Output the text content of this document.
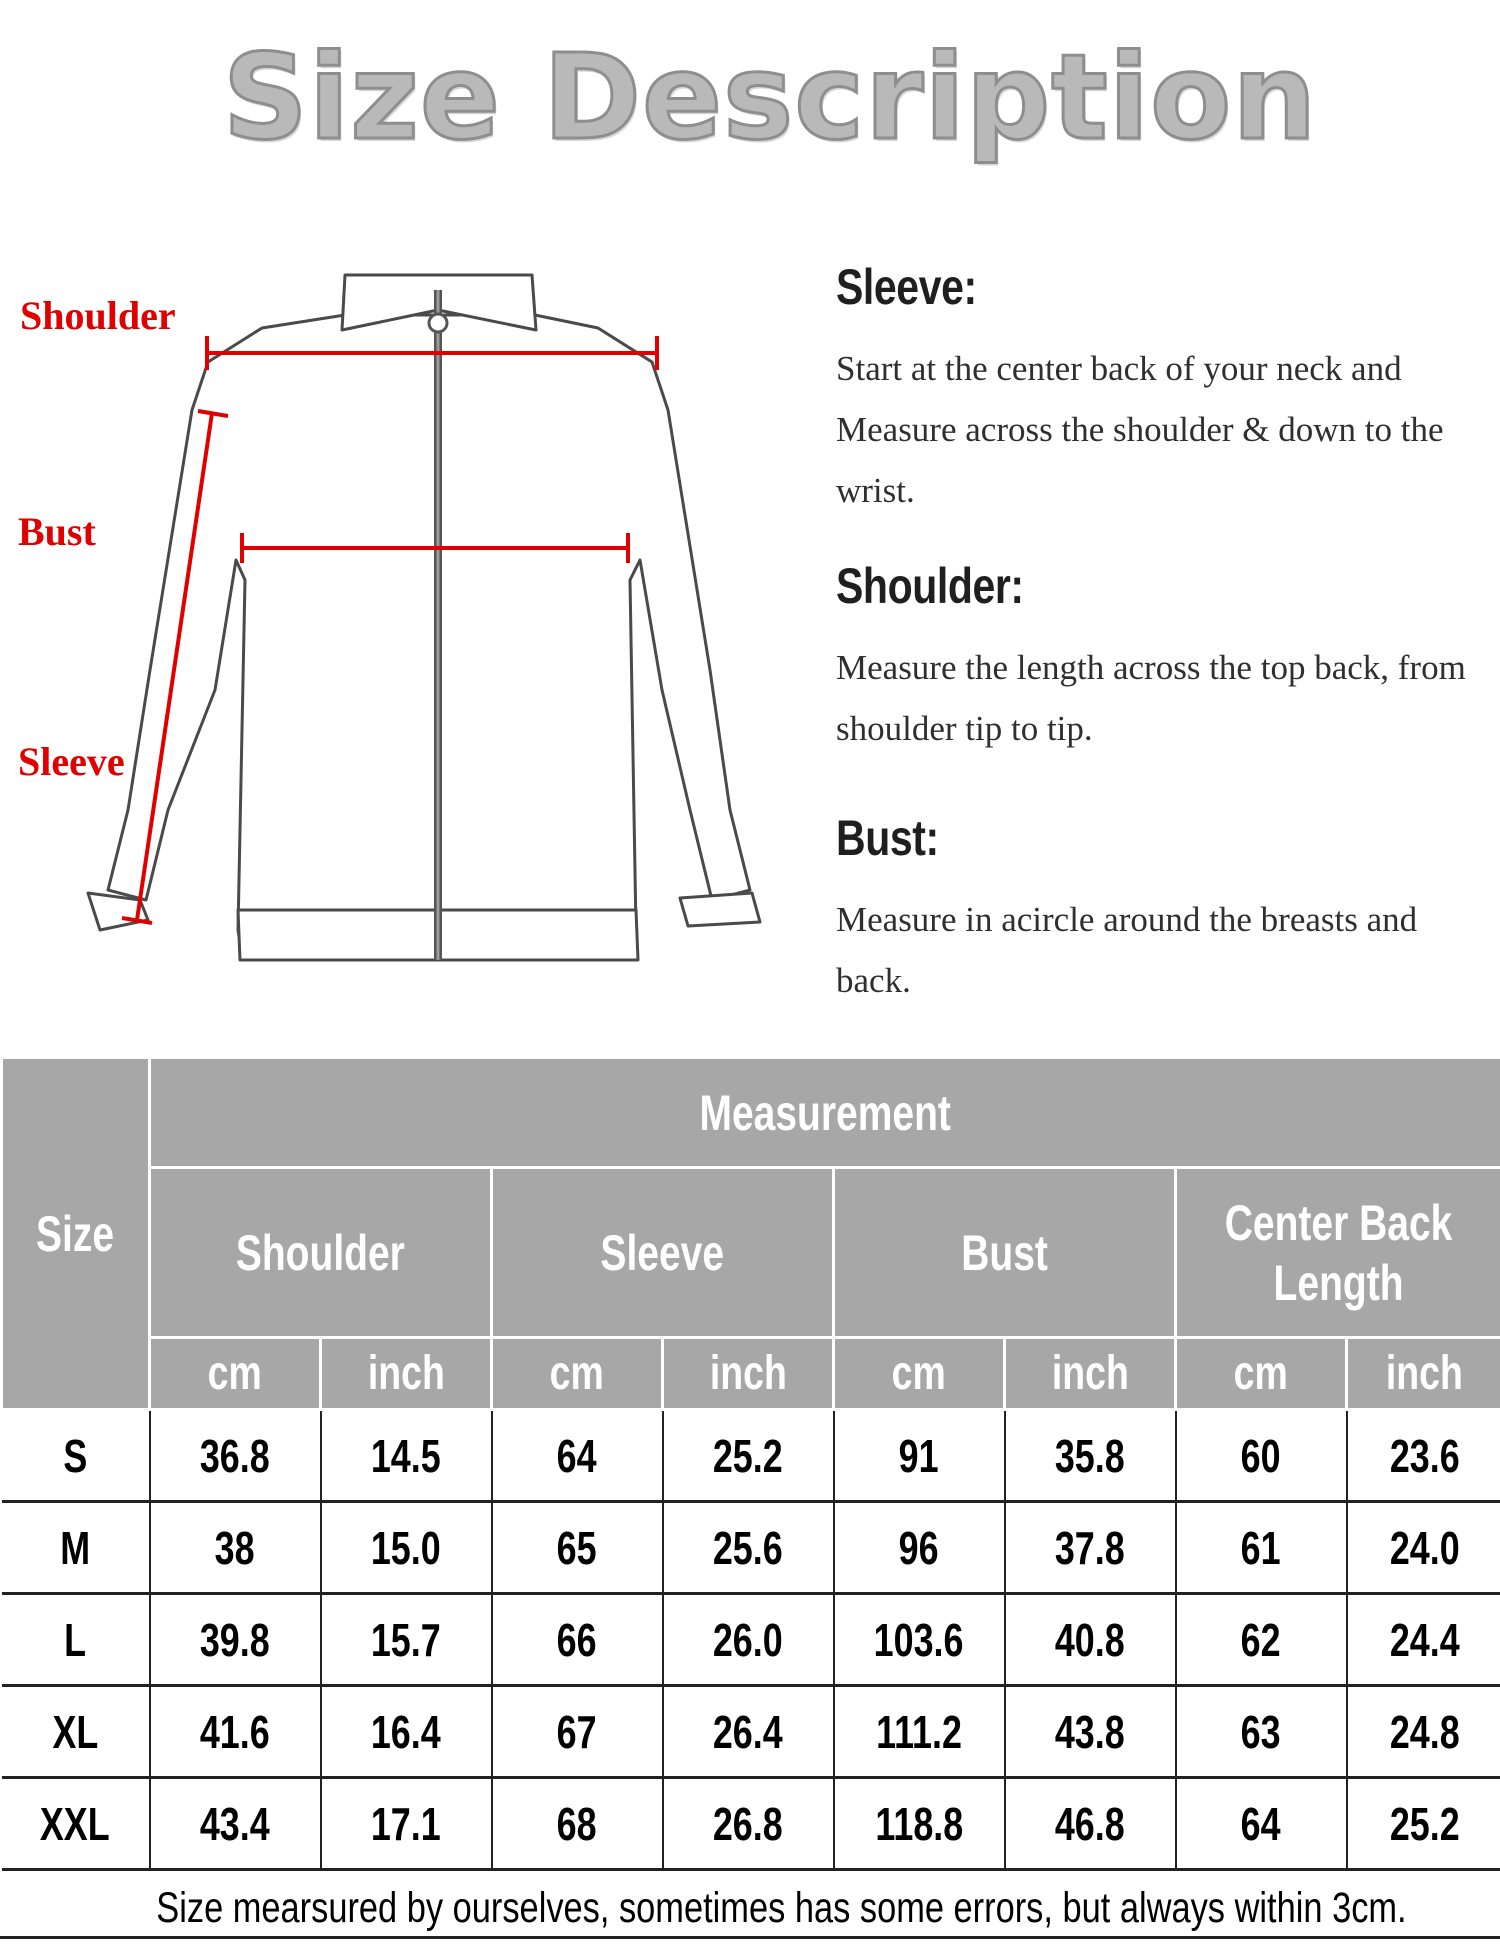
Size Description
Shoulder
Bust
Sleeve
Sleeve:

Start at the center back of your neck and Measure across the shoulder & down to the wrist.

Shoulder:

Measure the length across the top back, from shoulder tip to tip.

Bust:

Measure in acircle around the breasts and back.

Size	Measurement							
	Shoulder		Sleeve		Bust		Center Back Length	
	cm	inch	cm	inch	cm	inch	cm	inch
S	36.8	14.5	64	25.2	91	35.8	60	23.6
M	38	15.0	65	25.6	96	37.8	61	24.0
L	39.8	15.7	66	26.0	103.6	40.8	62	24.4
XL	41.6	16.4	67	26.4	111.2	43.8	63	24.8
XXL	43.4	17.1	68	26.8	118.8	46.8	64	25.2
Size mearsured by ourselves, sometimes has some errors, but always within 3cm.
